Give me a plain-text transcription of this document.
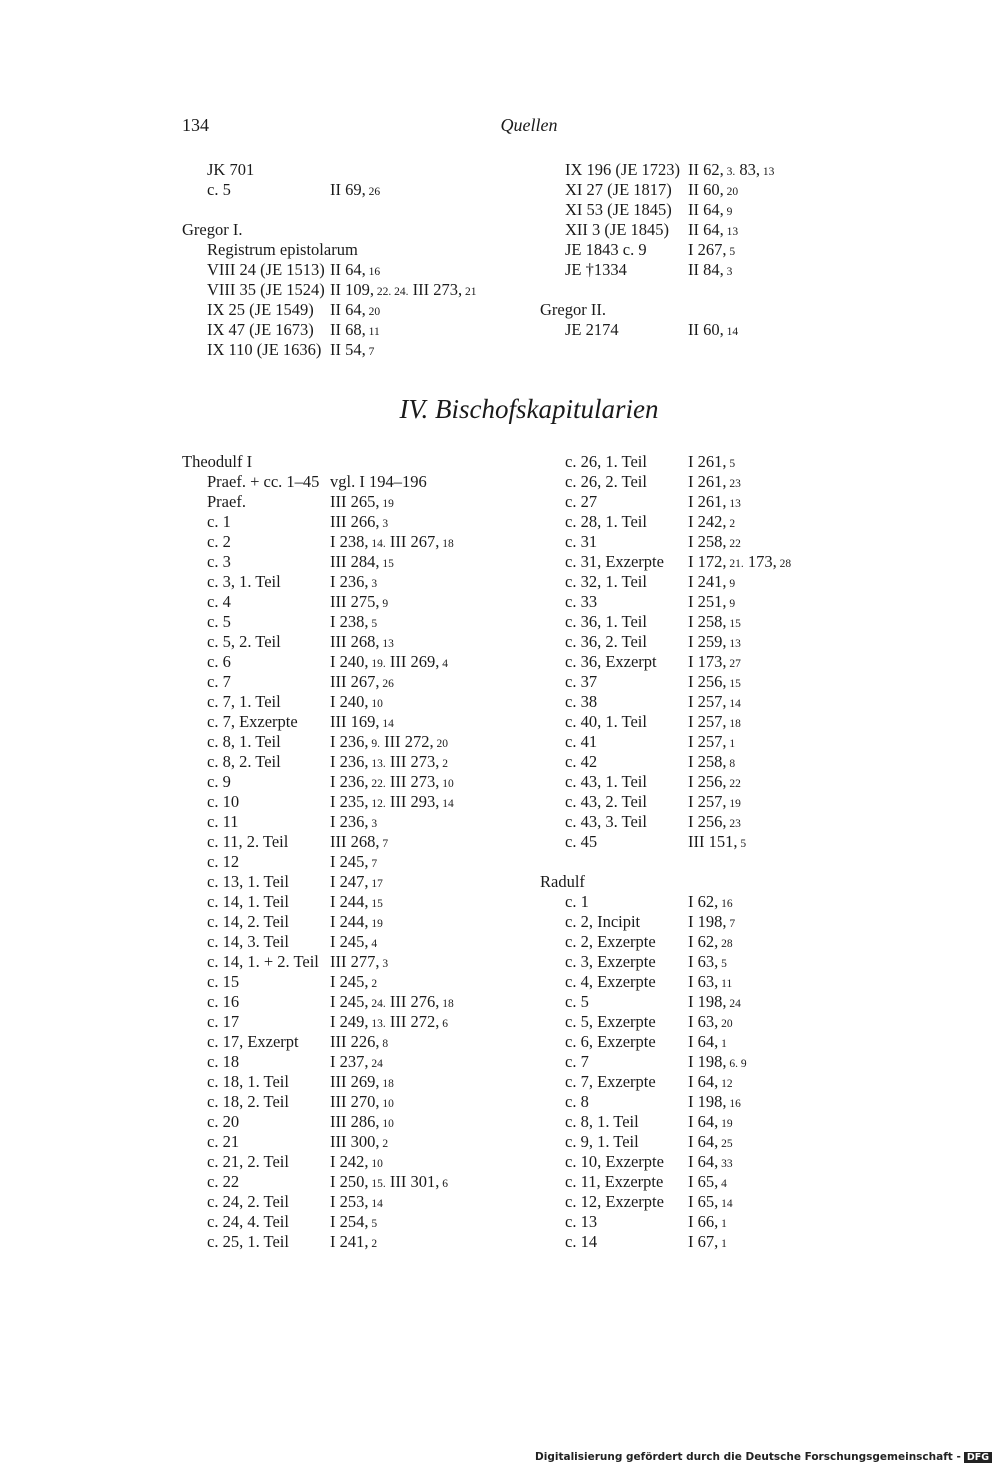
134	Quellen
JK 701
c. 5	II 69, 26
Gregor I.
Registrum epistolarum
VIII 24 (JE 1513) II 64, 16
VIII 35 (JE 1524) II 109, 22. 24. III 273, 21
IX 25 (JE 1549) II 64, 20
IX 47 (JE 1673) II 68, 11
IX 110 (JE 1636) II 54, 7
IX 196 (JE 1723) II 62, 3. 83, 13
XI 27 (JE 1817) II 60, 20
XI 53 (JE 1845) II 64, 9
XII 3 (JE 1845) II 64, 13
JE 1843 c. 9	I 267, 5
JE †1334	II 84, 3
Gregor II.
JE 2174	II 60, 14
IV. Bischofskapitularien
Theodulf I
Praef. + cc. 1–45 vgl. I 194–196
Praef.	III 265, 19
c. 1	III 266, 3
c. 2	I 238, 14. III 267, 18
c. 3	III 284, 15
c. 3, 1. Teil	I 236, 3
c. 4	III 275, 9
c. 5	I 238, 5
c. 5, 2. Teil	III 268, 13
c. 6	I 240, 19. III 269, 4
c. 7	III 267, 26
c. 7, 1. Teil	I 240, 10
c. 7, Exzerpte III 169, 14
c. 8, 1. Teil	I 236, 9. III 272, 20
c. 8, 2. Teil	I 236, 13. III 273, 2
c. 9	I 236, 22. III 273, 10
c. 10	I 235, 12. III 293, 14
c. 11	I 236, 3
c. 11, 2. Teil	III 268, 7
c. 12	I 245, 7
c. 13, 1. Teil I 247, 17
c. 14, 1. Teil I 244, 15
c. 14, 2. Teil I 244, 19
c. 14, 3. Teil I 245, 4
c. 14, 1. + 2. Teil III 277, 3
c. 15	I 245, 2
c. 16	I 245, 24. III 276, 18
c. 17	I 249, 13. III 272, 6
c. 17, Exzerpt III 226, 8
c. 18	I 237, 24
c. 18, 1. Teil III 269, 18
c. 18, 2. Teil III 270, 10
c. 20	III 286, 10
c. 21	III 300, 2
c. 21, 2. Teil I 242, 10
c. 22	I 250, 15. III 301, 6
c. 24, 2. Teil I 253, 14
c. 24, 4. Teil I 254, 5
c. 25, 1. Teil I 241, 2
c. 26, 1. Teil I 261, 5
c. 26, 2. Teil I 261, 23
c. 27	I 261, 13
c. 28, 1. Teil I 242, 2
c. 31	I 258, 22
c. 31, Exzerpte I 172, 21. 173, 28
c. 32, 1. Teil I 241, 9
c. 33	I 251, 9
c. 36, 1. Teil I 258, 15
c. 36, 2. Teil I 259, 13
c. 36, Exzerpt I 173, 27
c. 37	I 256, 15
c. 38	I 257, 14
c. 40, 1. Teil I 257, 18
c. 41	I 257, 1
c. 42	I 258, 8
c. 43, 1. Teil I 256, 22
c. 43, 2. Teil I 257, 19
c. 43, 3. Teil I 256, 23
c. 45	III 151, 5
Radulf
c. 1	I 62, 16
c. 2, Incipit	I 198, 7
c. 2, Exzerpte I 62, 28
c. 3, Exzerpte I 63, 5
c. 4, Exzerpte I 63, 11
c. 5	I 198, 24
c. 5, Exzerpte I 63, 20
c. 6, Exzerpte I 64, 1
c. 7	I 198, 6. 9
c. 7, Exzerpte I 64, 12
c. 8	I 198, 16
c. 8, 1. Teil	I 64, 19
c. 9, 1. Teil	I 64, 25
c. 10, Exzerpte I 64, 33
c. 11, Exzerpte I 65, 4
c. 12, Exzerpte I 65, 14
c. 13	I 66, 1
c. 14	I 67, 1
Digitalisierung gefördert durch die Deutsche Forschungsgemeinschaft - DFG
